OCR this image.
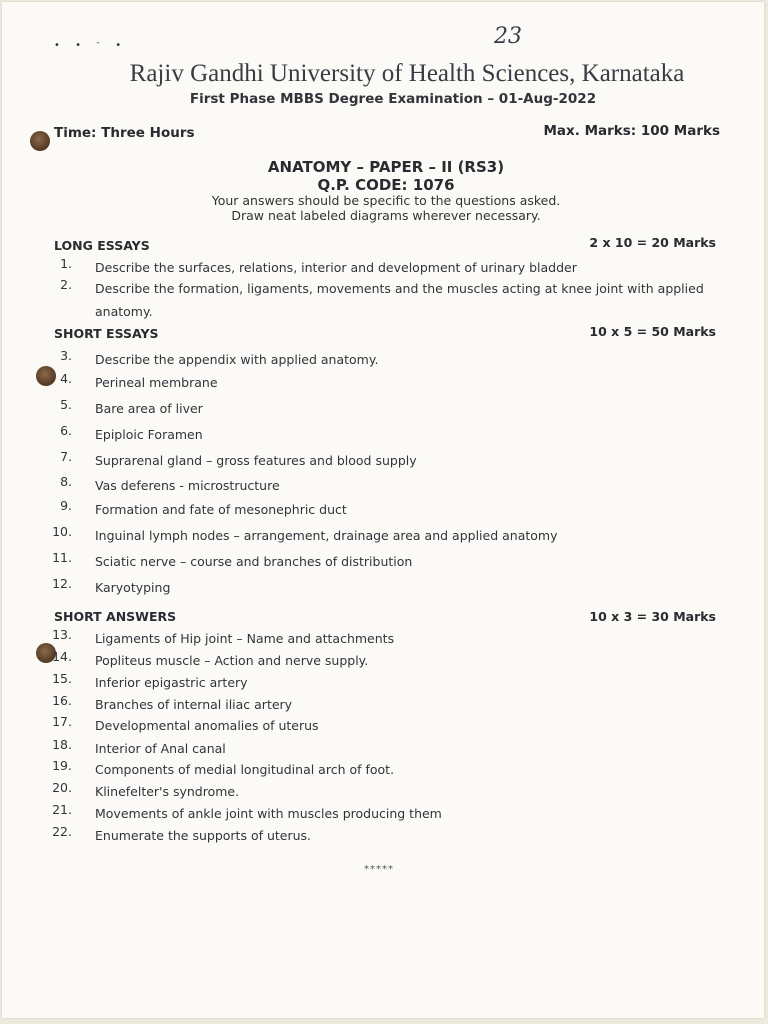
• • ᐨ •	23
Rajiv Gandhi University of Health Sciences, Karnataka
First Phase MBBS Degree Examination – 01-Aug-2022
Time: Three Hours	Max. Marks: 100 Marks
ANATOMY – PAPER – II (RS3)
Q.P. CODE: 1076
Your answers should be specific to the questions asked.
Draw neat labeled diagrams wherever necessary.
LONG ESSAYS	2 x 10 = 20 Marks
1. Describe the surfaces, relations, interior and development of urinary bladder
2. Describe the formation, ligaments, movements and the muscles acting at knee joint with applied anatomy.
SHORT ESSAYS	10 x 5 = 50 Marks
3. Describe the appendix with applied anatomy.
4. Perineal membrane
5. Bare area of liver
6. Epiploic Foramen
7. Suprarenal gland – gross features and blood supply
8. Vas deferens - microstructure
9. Formation and fate of mesonephric duct
10. Inguinal lymph nodes – arrangement, drainage area and applied anatomy
11. Sciatic nerve – course and branches of distribution
12. Karyotyping
SHORT ANSWERS	10 x 3 = 30 Marks
13. Ligaments of Hip joint – Name and attachments
14. Popliteus muscle – Action and nerve supply.
15. Inferior epigastric artery
16. Branches of internal iliac artery
17. Developmental anomalies of uterus
18. Interior of Anal canal
19. Components of medial longitudinal arch of foot.
20. Klinefelter's syndrome.
21. Movements of ankle joint with muscles producing them
22. Enumerate the supports of uterus.
*****
